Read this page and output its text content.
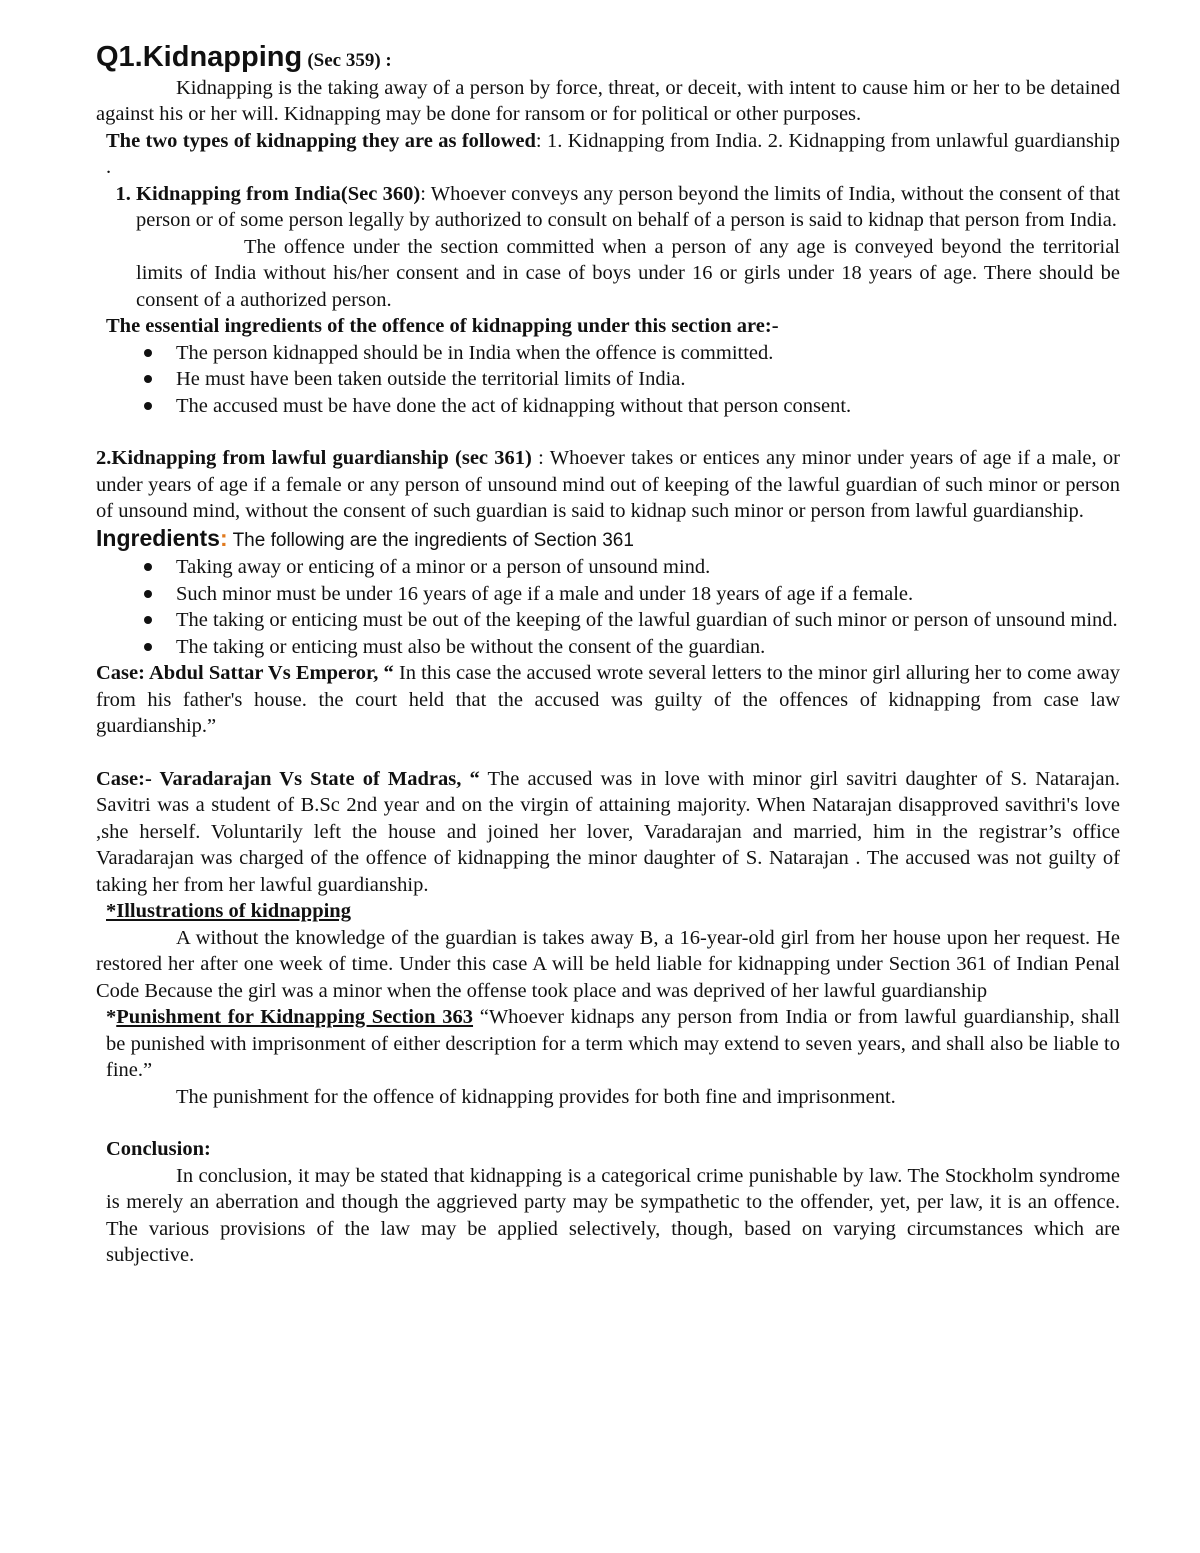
Q1.Kidnapping (Sec 359) :

Kidnapping is the taking away of a person by force, threat, or deceit, with intent to cause him or her to be detained against his or her will. Kidnapping may be done for ransom or for political or other purposes.

The two types of kidnapping they are as followed: 1. Kidnapping from India. 2. Kidnapping from unlawful guardianship .

1. Kidnapping from India(Sec 360): Whoever conveys any person beyond the limits of India, without the consent of that person or of some person legally by authorized to consult on behalf of a person is said to kidnap that person from India.

The offence under the section committed when a person of any age is conveyed beyond the territorial limits of India without his/her consent and in case of boys under 16 or girls under 18 years of age. There should be consent of a authorized person.

The essential ingredients of the offence of kidnapping under this section are:-

The person kidnapped should be in India when the offence is committed.
He must have been taken outside the territorial limits of India.
The accused must be have done the act of kidnapping without that person consent.

2.Kidnapping from lawful guardianship (sec 361) : Whoever takes or entices any minor under years of age if a male, or under years of age if a female or any person of unsound mind out of keeping of the lawful guardian of such minor or person of unsound mind, without the consent of such guardian is said to kidnap such minor or person from lawful guardianship.

Ingredients: The following are the ingredients of Section 361

Taking away or enticing of a minor or a person of unsound mind.
Such minor must be under 16 years of age if a male and under 18 years of age if a female.
The taking or enticing must be out of the keeping of the lawful guardian of such minor or person of unsound mind.
The taking or enticing must also be without the consent of the guardian.

Case: Abdul Sattar Vs Emperor, “ In this case the accused wrote several letters to the minor girl alluring her to come away from his father's house. the court held that the accused was guilty of the offences of kidnapping from case law guardianship.”

Case:- Varadarajan Vs State of Madras, “ The accused was in love with minor girl savitri daughter of S. Natarajan. Savitri was a student of B.Sc 2nd year and on the virgin of attaining majority. When Natarajan disapproved savithri's love ,she herself. Voluntarily left the house and joined her lover, Varadarajan and married, him in the registrar’s office Varadarajan was charged of the offence of kidnapping the minor daughter of S. Natarajan . The accused was not guilty of taking her from her lawful guardianship.

*Illustrations of kidnapping

A without the knowledge of the guardian is takes away B, a 16-year-old girl from her house upon her request. He restored her after one week of time. Under this case A will be held liable for kidnapping under Section 361 of Indian Penal Code Because the girl was a minor when the offense took place and was deprived of her lawful guardianship

*Punishment for Kidnapping Section 363 “Whoever kidnaps any person from India or from lawful guardianship, shall be punished with imprisonment of either description for a term which may extend to seven years, and shall also be liable to fine.”

The punishment for the offence of kidnapping provides for both fine and imprisonment.

Conclusion:

In conclusion, it may be stated that kidnapping is a categorical crime punishable by law. The Stockholm syndrome is merely an aberration and though the aggrieved party may be sympathetic to the offender, yet, per law, it is an offence. The various provisions of the law may be applied selectively, though, based on varying circumstances which are subjective.
